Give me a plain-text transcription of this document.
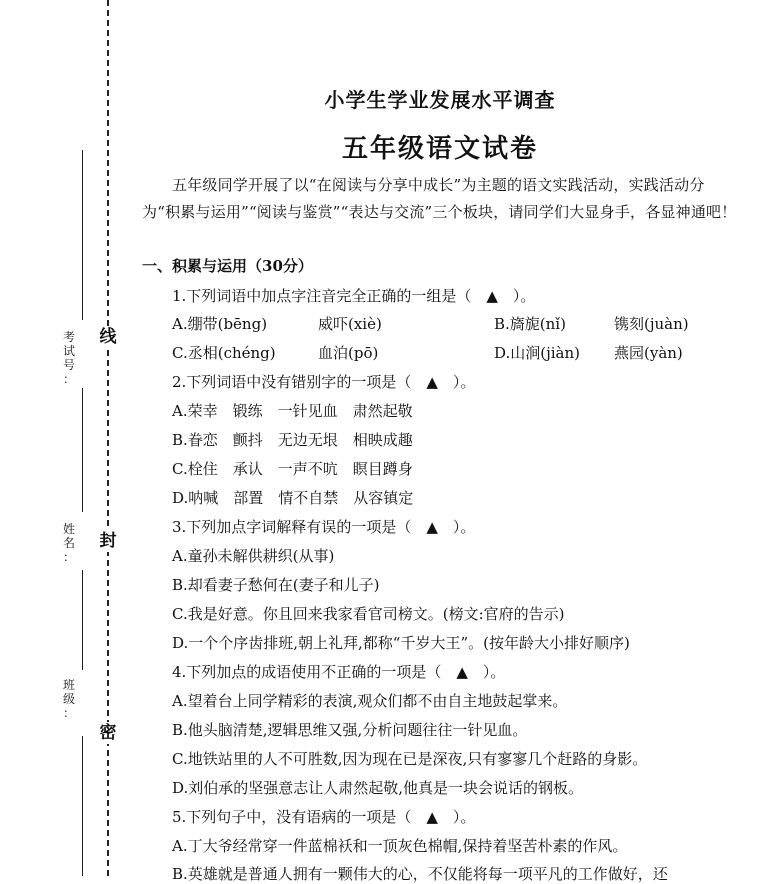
线
封
密
考
试
号
：
姓
名
：
班
级
：
小学生学业发展水平调查
五年级语文试卷
五年级同学开展了以“在阅读与分享中成长”为主题的语文实践活动，实践活动分为“积累与运用”“阅读与鉴赏”“表达与交流”三个板块，请同学们大显身手，各显神通吧！
一、积累与运用（30分）
1.下列词语中加点字注音完全正确的一组是（　▲　）。
A.绷带(bēng)	威吓(xiè)	B.旖旎(nǐ)	镌刻(juàn)
C.丞相(chéng)	血泊(pō)	D.山涧(jiàn) 燕园(yàn)
2.下列词语中没有错别字的一项是（　▲　）。
A.荣幸　锻练　一针见血　肃然起敬
B.眷恋　颤抖　无边无垠　相映成趣
C.栓住　承认　一声不吭　瞑目蹲身
D.呐喊　部置　情不自禁　从容镇定
3.下列加点字词解释有误的一项是（　▲　）。
A.童孙未解供耕织(从事)
B.却看妻子愁何在(妻子和儿子)
C.我是好意。你且回来我家看官司榜文。(榜文:官府的告示)
D.一个个序齿排班,朝上礼拜,都称“千岁大王”。(按年龄大小排好顺序)
4.下列加点的成语使用不正确的一项是（　▲　）。
A.望着台上同学精彩的表演,观众们都不由自主地鼓起掌来。
B.他头脑清楚,逻辑思维又强,分析问题往往一针见血。
C.地铁站里的人不可胜数,因为现在已是深夜,只有寥寥几个赶路的身影。
D.刘伯承的坚强意志让人肃然起敬,他真是一块会说话的钢板。
5.下列句子中，没有语病的一项是（　▲　）。
A.丁大爷经常穿一件蓝棉袄和一顶灰色棉帽,保持着坚苦朴素的作风。
B.英雄就是普通人拥有一颗伟大的心，不仅能将每一项平凡的工作做好，还
